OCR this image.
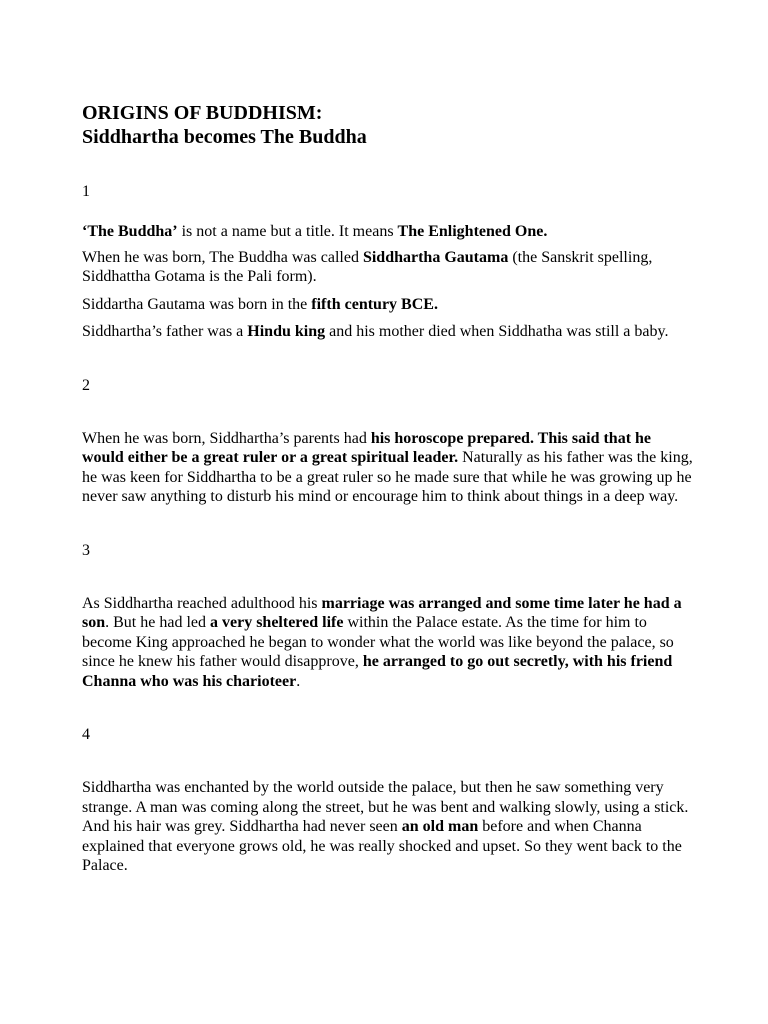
ORIGINS OF BUDDHISM:
Siddhartha becomes The Buddha

1

‘The Buddha’ is not a name but a title. It means The Enlightened One.

When he was born, The Buddha was called Siddhartha Gautama (the Sanskrit spelling, Siddhattha Gotama is the Pali form).

Siddartha Gautama was born in the fifth century BCE.

Siddhartha’s father was a Hindu king and his mother died when Siddhatha was still a baby.

2

When he was born, Siddhartha’s parents had his horoscope prepared. This said that he would either be a great ruler or a great spiritual leader. Naturally as his father was the king, he was keen for Siddhartha to be a great ruler so he made sure that while he was growing up he never saw anything to disturb his mind or encourage him to think about things in a deep way.

3

As Siddhartha reached adulthood his marriage was arranged and some time later he had a son. But he had led a very sheltered life within the Palace estate. As the time for him to become King approached he began to wonder what the world was like beyond the palace, so since he knew his father would disapprove, he arranged to go out secretly, with his friend Channa who was his charioteer.

4

Siddhartha was enchanted by the world outside the palace, but then he saw something very strange. A man was coming along the street, but he was bent and walking slowly, using a stick. And his hair was grey. Siddhartha had never seen an old man before and when Channa explained that everyone grows old, he was really shocked and upset. So they went back to the Palace.
